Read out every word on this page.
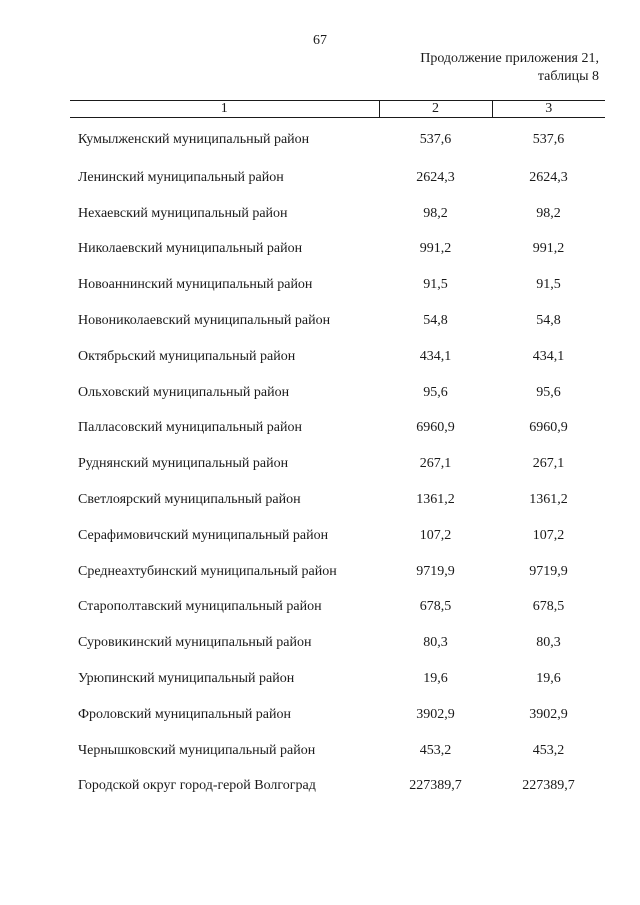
67
Продолжение приложения 21,
таблицы 8
1	2	3
Кумылженский муниципальный район	537,6	537,6
Ленинский муниципальный район	2624,3	2624,3
Нехаевский муниципальный район	98,2	98,2
Николаевский муниципальный район	991,2	991,2
Новоаннинский муниципальный район	91,5	91,5
Новониколаевский муниципальный район	54,8	54,8
Октябрьский муниципальный район	434,1	434,1
Ольховский муниципальный район	95,6	95,6
Палласовский муниципальный район	6960,9	6960,9
Руднянский муниципальный район	267,1	267,1
Светлоярский муниципальный район	1361,2	1361,2
Серафимовичский муниципальный район	107,2	107,2
Среднеахтубинский муниципальный район	9719,9	9719,9
Старополтавский муниципальный район	678,5	678,5
Суровикинский муниципальный район	80,3	80,3
Урюпинский муниципальный район	19,6	19,6
Фроловский муниципальный район	3902,9	3902,9
Чернышковский муниципальный район	453,2	453,2
Городской округ город-герой Волгоград	227389,7	227389,7
